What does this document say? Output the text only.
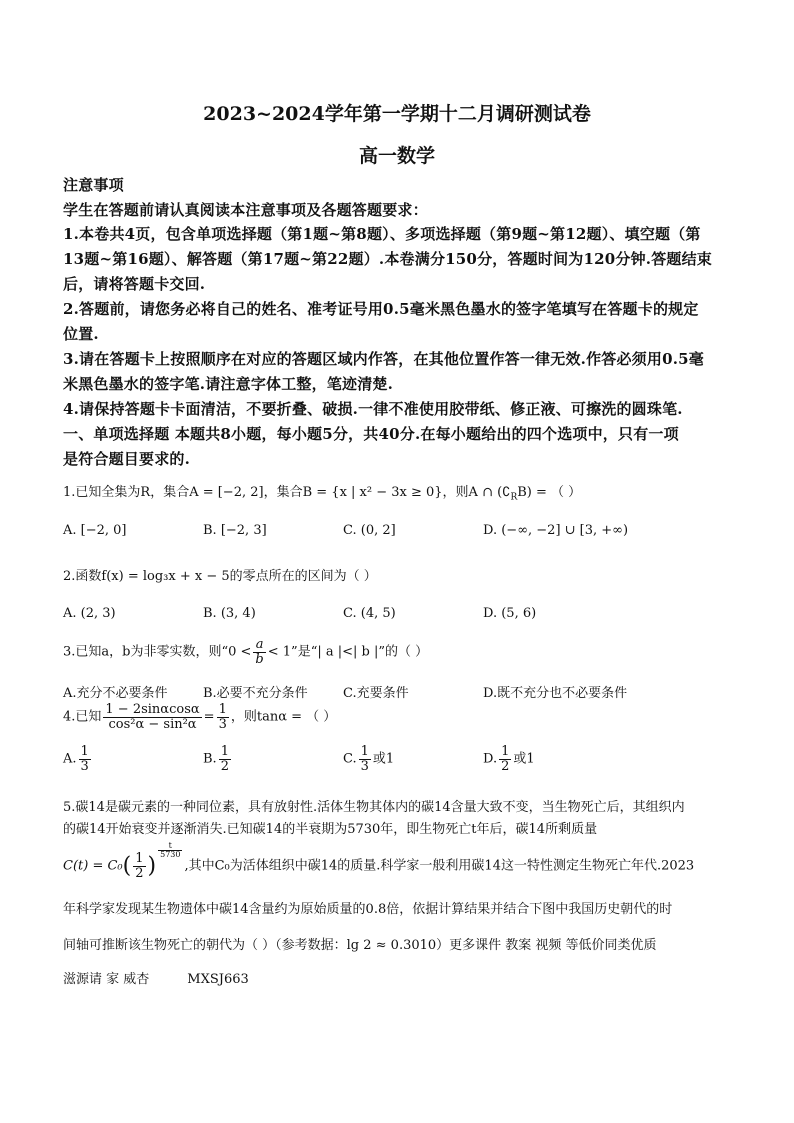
2023~2024学年第一学期十二月调研测试卷
高一数学
注意事项
学生在答题前请认真阅读本注意事项及各题答题要求：
1.本卷共4页，包含单项选择题（第1题~第8题）、多项选择题（第9题~第12题）、填空题（第
13题~第16题）、解答题（第17题~第22题）.本卷满分150分，答题时间为120分钟.答题结束
后，请将答题卡交回.
2.答题前，请您务必将自己的姓名、准考证号用0.5毫米黑色墨水的签字笔填写在答题卡的规定
位置.
3.请在答题卡上按照顺序在对应的答题区域内作答，在其他位置作答一律无效.作答必须用0.5毫
米黑色墨水的签字笔.请注意字体工整，笔迹清楚.
4.请保持答题卡卡面清洁，不要折叠、破损.一律不准使用胶带纸、修正液、可擦洗的圆珠笔.
一、单项选择题 本题共8小题，每小题5分，共40分.在每小题给出的四个选项中，只有一项
是符合题目要求的.
1.已知全集为R，集合A = [−2, 2]，集合B = {x | x² − 3x ≥ 0}，则A ∩ $(∁_RB)$ = （ ）
A. [−2, 0]	B. [−2, 3]	C. (0, 2]	D. (−∞, −2] ∪ [3, +∞)
2.函数f(x) = log₃x + x − 5的零点所在的区间为（ ）
A. (2, 3)	B. (3, 4)	C. (4, 5)	D. (5, 6)
3.已知a，b为非零实数，则“$0 < \frac{a}{b} < 1$”是“| a |<| b |”的（ ）
A.充分不必要条件	B.必要不充分条件	C.充要条件	D.既不充分也不必要条件
4.已知 $\frac{1 - 2\sin\alpha\cos\alpha}{\text{cos²α − sin²α}} = \frac{1}{3}$ ，则tanα = （ ）
A. $\frac{1}{3}$	B. $\frac{1}{2}$	C. $\frac{1}{3}$ 或1	D. $\frac{1}{2}$ 或1
5.碳14是碳元素的一种同位素，具有放射性.活体生物其体内的碳14含量大致不变，当生物死亡后，其组织内
的碳14开始衰变并逐渐消失.已知碳14的半衰期为5730年，即生物死亡t年后，碳14所剩质量
$C(t) = C_0( \frac{1}{2}$ )
$\frac{t}{5730}$
,其中C₀为活体组织中碳14的质量.科学家一般利用碳14这一特性测定生物死亡年代.2023
年科学家发现某生物遗体中碳14含量约为原始质量的0.8倍，依据计算结果并结合下图中我国历史朝代的时
间轴可推断该生物死亡的朝代为（ ）（参考数据：lg 2 ≈ 0.3010）更多课件 教案 视频 等低价同类优质
滋源请 家 威杏	MXSJ663
